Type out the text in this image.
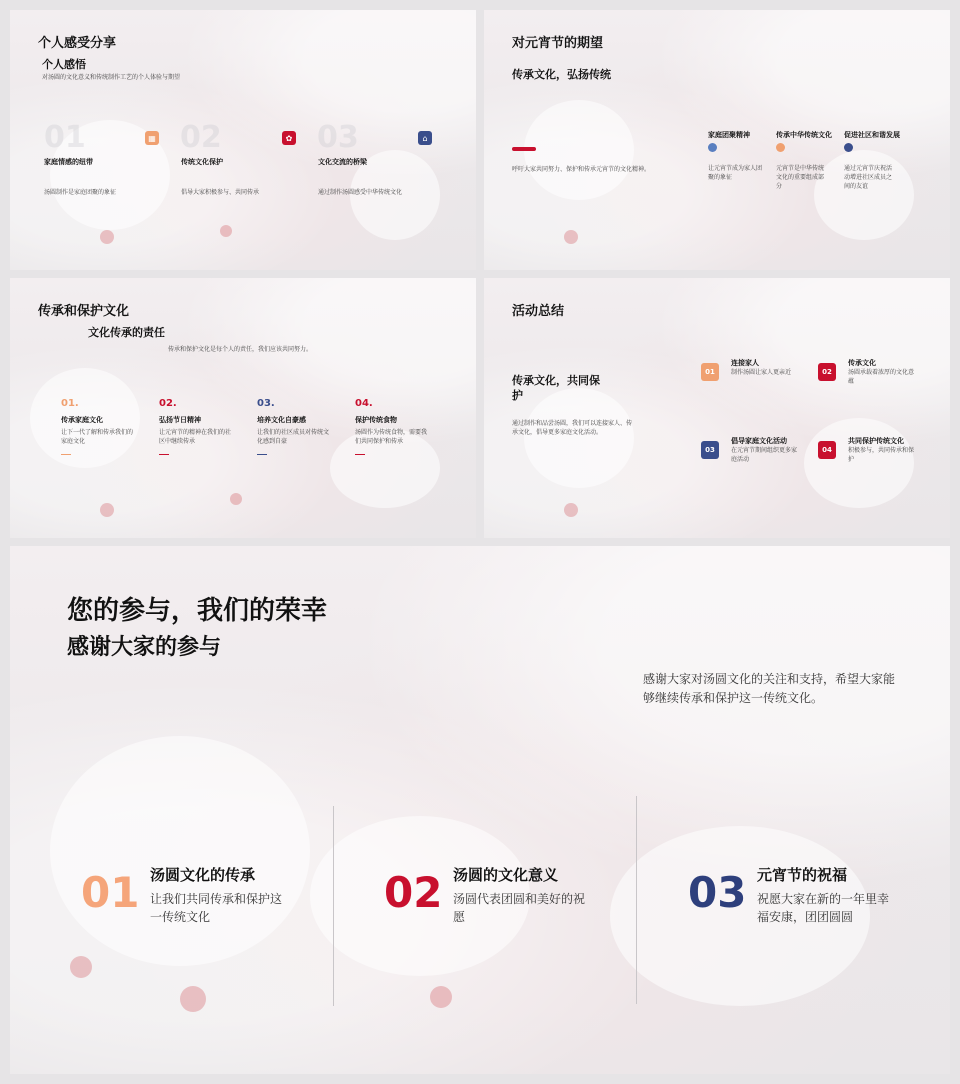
个人感受分享
个人感悟
对汤圆的文化意义和传统制作工艺的个人体验与期望
01	▦
家庭情感的纽带
汤圆制作是家庭团聚的象征
02	✿
传统文化保护
倡导大家积极参与、共同传承
03	⌂
文化交流的桥梁
通过制作汤圆感受中华传统文化
对元宵节的期望
传承文化，弘扬传统
呼吁大家共同努力、保护和传承元宵节的文化精神。
家庭团聚精神
让元宵节成为家人团聚的象征
传承中华传统文化
元宵节是中华传统文化的重要组成部分
促进社区和谐发展
通过元宵节庆祝活动增进社区成员之间的友谊
传承和保护文化
文化传承的责任
传承和保护文化是每个人的责任，我们应该共同努力。
01.
传承家庭文化
让下一代了解和传承我们的家庭文化
02.
弘扬节日精神
让元宵节的精神在我们的社区中继续传承
03.
培养文化自豪感
让我们的社区成员对传统文化感到自豪
04.
保护传统食物
汤圆作为传统食物，需要我们共同保护和传承
活动总结
传承文化，共同保护
通过制作和品尝汤圆，我们可以连接家人、传承文化，倡导更多家庭文化活动。
01
连接家人
制作汤圆让家人更亲近	02
传承文化
汤圆承载着浓厚的文化意蕴
03
倡导家庭文化活动
在元宵节期间组织更多家庭活动
04
共同保护传统文化
积极参与，共同传承和保护
您的参与，我们的荣幸
感谢大家的参与
感谢大家对汤圆文化的关注和支持，希望大家能够继续传承和保护这一传统文化。
01 汤圆文化的传承
让我们共同传承和保护这一传统文化	02 汤圆的文化意义
汤圆代表团圆和美好的祝愿	03 元宵节的祝福
祝愿大家在新的一年里幸福安康，团团圆圆
